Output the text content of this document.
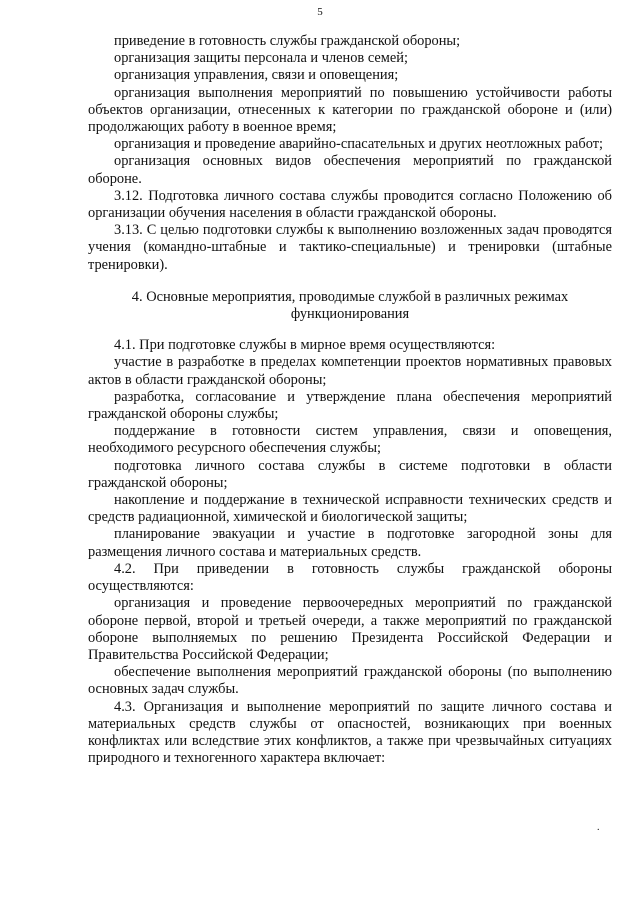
5

приведение в готовность службы гражданской обороны;

организация защиты персонала и членов семей;

организация управления, связи и оповещения;

организация выполнения мероприятий по повышению устойчивости работы объектов организации, отнесенных к категории по гражданской обороне и (или) продолжающих работу в военное время;

организация и проведение аварийно-спасательных и других неотложных работ;

организация основных видов обеспечения мероприятий по гражданской обороне.

3.12. Подготовка личного состава службы проводится согласно Положению об организации обучения населения в области гражданской обороны.

3.13. С целью подготовки службы к выполнению возложенных задач проводятся учения (командно-штабные и тактико-специальные) и тренировки (штабные тренировки).

4. Основные мероприятия, проводимые службой в различных режимах функционирования

4.1. При подготовке службы в мирное время осуществляются:

участие в разработке в пределах компетенции проектов нормативных правовых актов в области гражданской обороны;

разработка, согласование и утверждение плана обеспечения мероприятий гражданской обороны службы;

поддержание в готовности систем управления, связи и оповещения, необходимого ресурсного обеспечения службы;

подготовка личного состава службы в системе подготовки в области гражданской обороны;

накопление и поддержание в технической исправности технических средств и средств радиационной, химической и биологической защиты;

планирование эвакуации и участие в подготовке загородной зоны для размещения личного состава и материальных средств.

4.2. При приведении в готовность службы гражданской обороны осуществляются:

организация и проведение первоочередных мероприятий по гражданской обороне первой, второй и третьей очереди, а также мероприятий по гражданской обороне выполняемых по решению Президента Российской Федерации и Правительства Российской Федерации;

обеспечение выполнения мероприятий гражданской обороны (по выполнению основных задач службы.

4.3. Организация и выполнение мероприятий по защите личного состава и материальных средств службы от опасностей, возникающих при военных конфликтах или вследствие этих конфликтов, а также при чрезвычайных ситуациях природного и техногенного характера включает:

.
